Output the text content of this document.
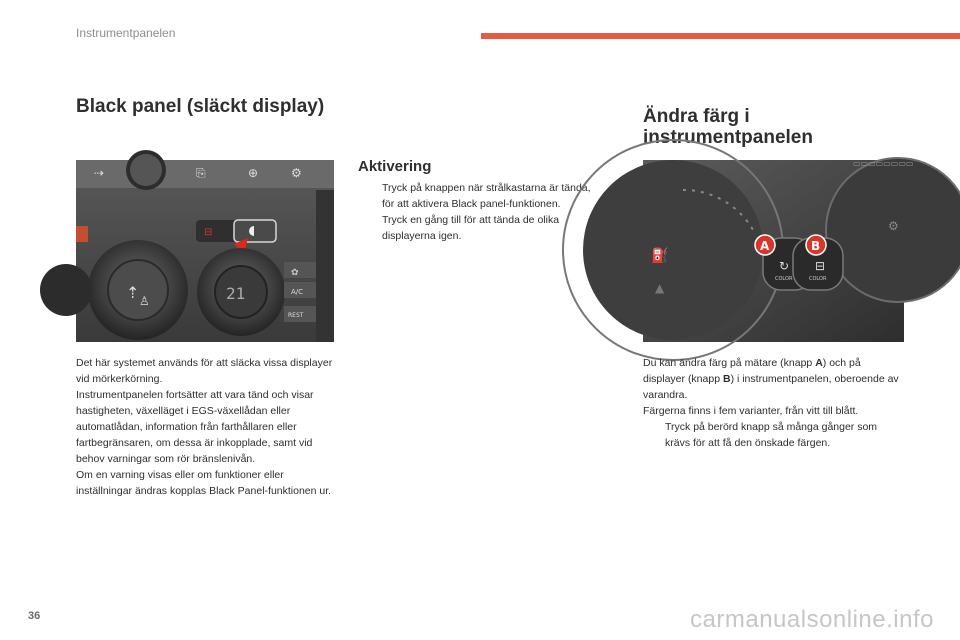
Instrumentpanelen
Black panel (släckt display)	Ändra färg i instrumentpanelen
Aktivering
⇢	⎘	⊕	⚙
⊟
⇡ ♙	21
✿
A/C
REST
Tryck på knappen när strålkastarna är tända, för att aktivera Black panel-funktionen.
Tryck en gång till för att tända de olika displayerna igen.
▭▭▭▭▭▭▭▭
⛽
▲
⚙
↻ ⊟
COLOR	COLOR
A	B

Det här systemet används för att släcka vissa displayer vid mörkerkörning.

Instrumentpanelen fortsätter att vara tänd och visar hastigheten, växelläget i EGS-växellådan eller automatlådan, information från farthållaren eller fartbegränsaren, om dessa är inkopplade, samt vid behov varningar som rör bränslenivån.

Om en varning visas eller om funktioner eller inställningar ändras kopplas Black Panel-funktionen ur.

Du kan ändra färg på mätare (knapp A) och på displayer (knapp B) i instrumentpanelen, oberoende av varandra.

Färgerna finns i fem varianter, från vitt till blått.

Tryck på berörd knapp så många gånger som krävs för att få den önskade färgen.
36	carmanualsonline.info
